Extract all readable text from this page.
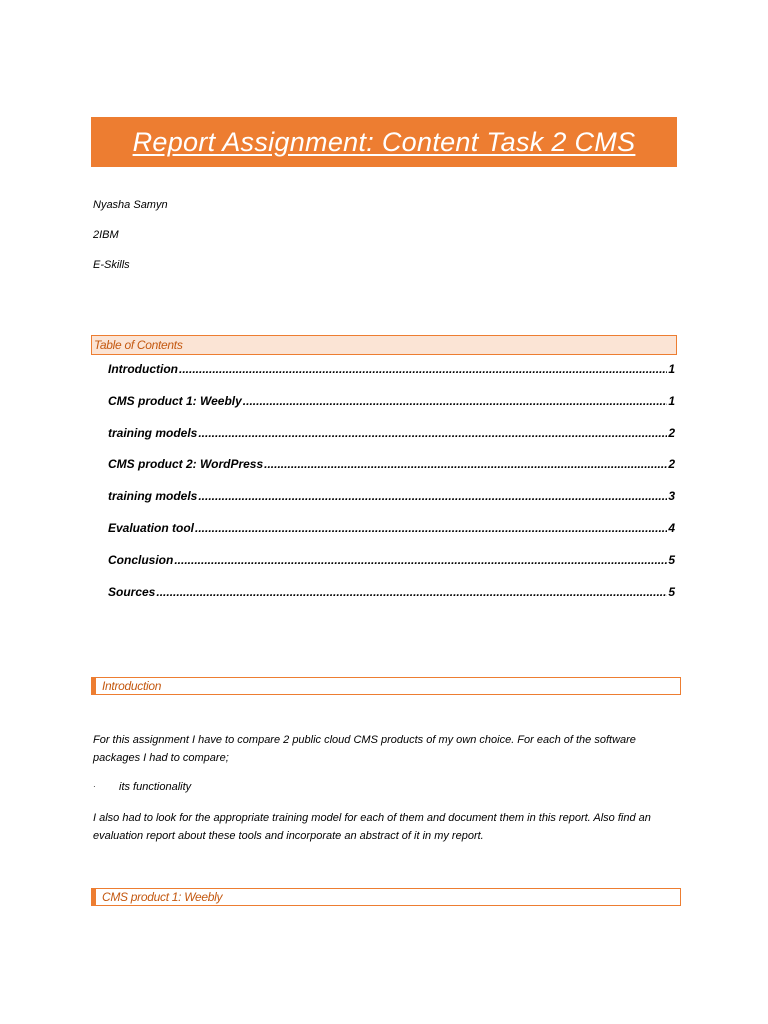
Report Assignment: Content Task 2 CMS
Nyasha Samyn
2IBM
E-Skills
Table of Contents
Introduction .....	1
CMS product 1: Weebly .....	1
training models .....	2
CMS product 2: WordPress .....	2
training models .....	3
Evaluation tool .....	4
Conclusion .....	5
Sources .....	5
Introduction
For this assignment I have to compare 2 public cloud CMS products of my own choice. For each of the software packages I had to compare;
·	its functionality
I also had to look for the appropriate training model for each of them and document them in this report. Also find an evaluation report about these tools and incorporate an abstract of it in my report.
CMS product 1: Weebly
